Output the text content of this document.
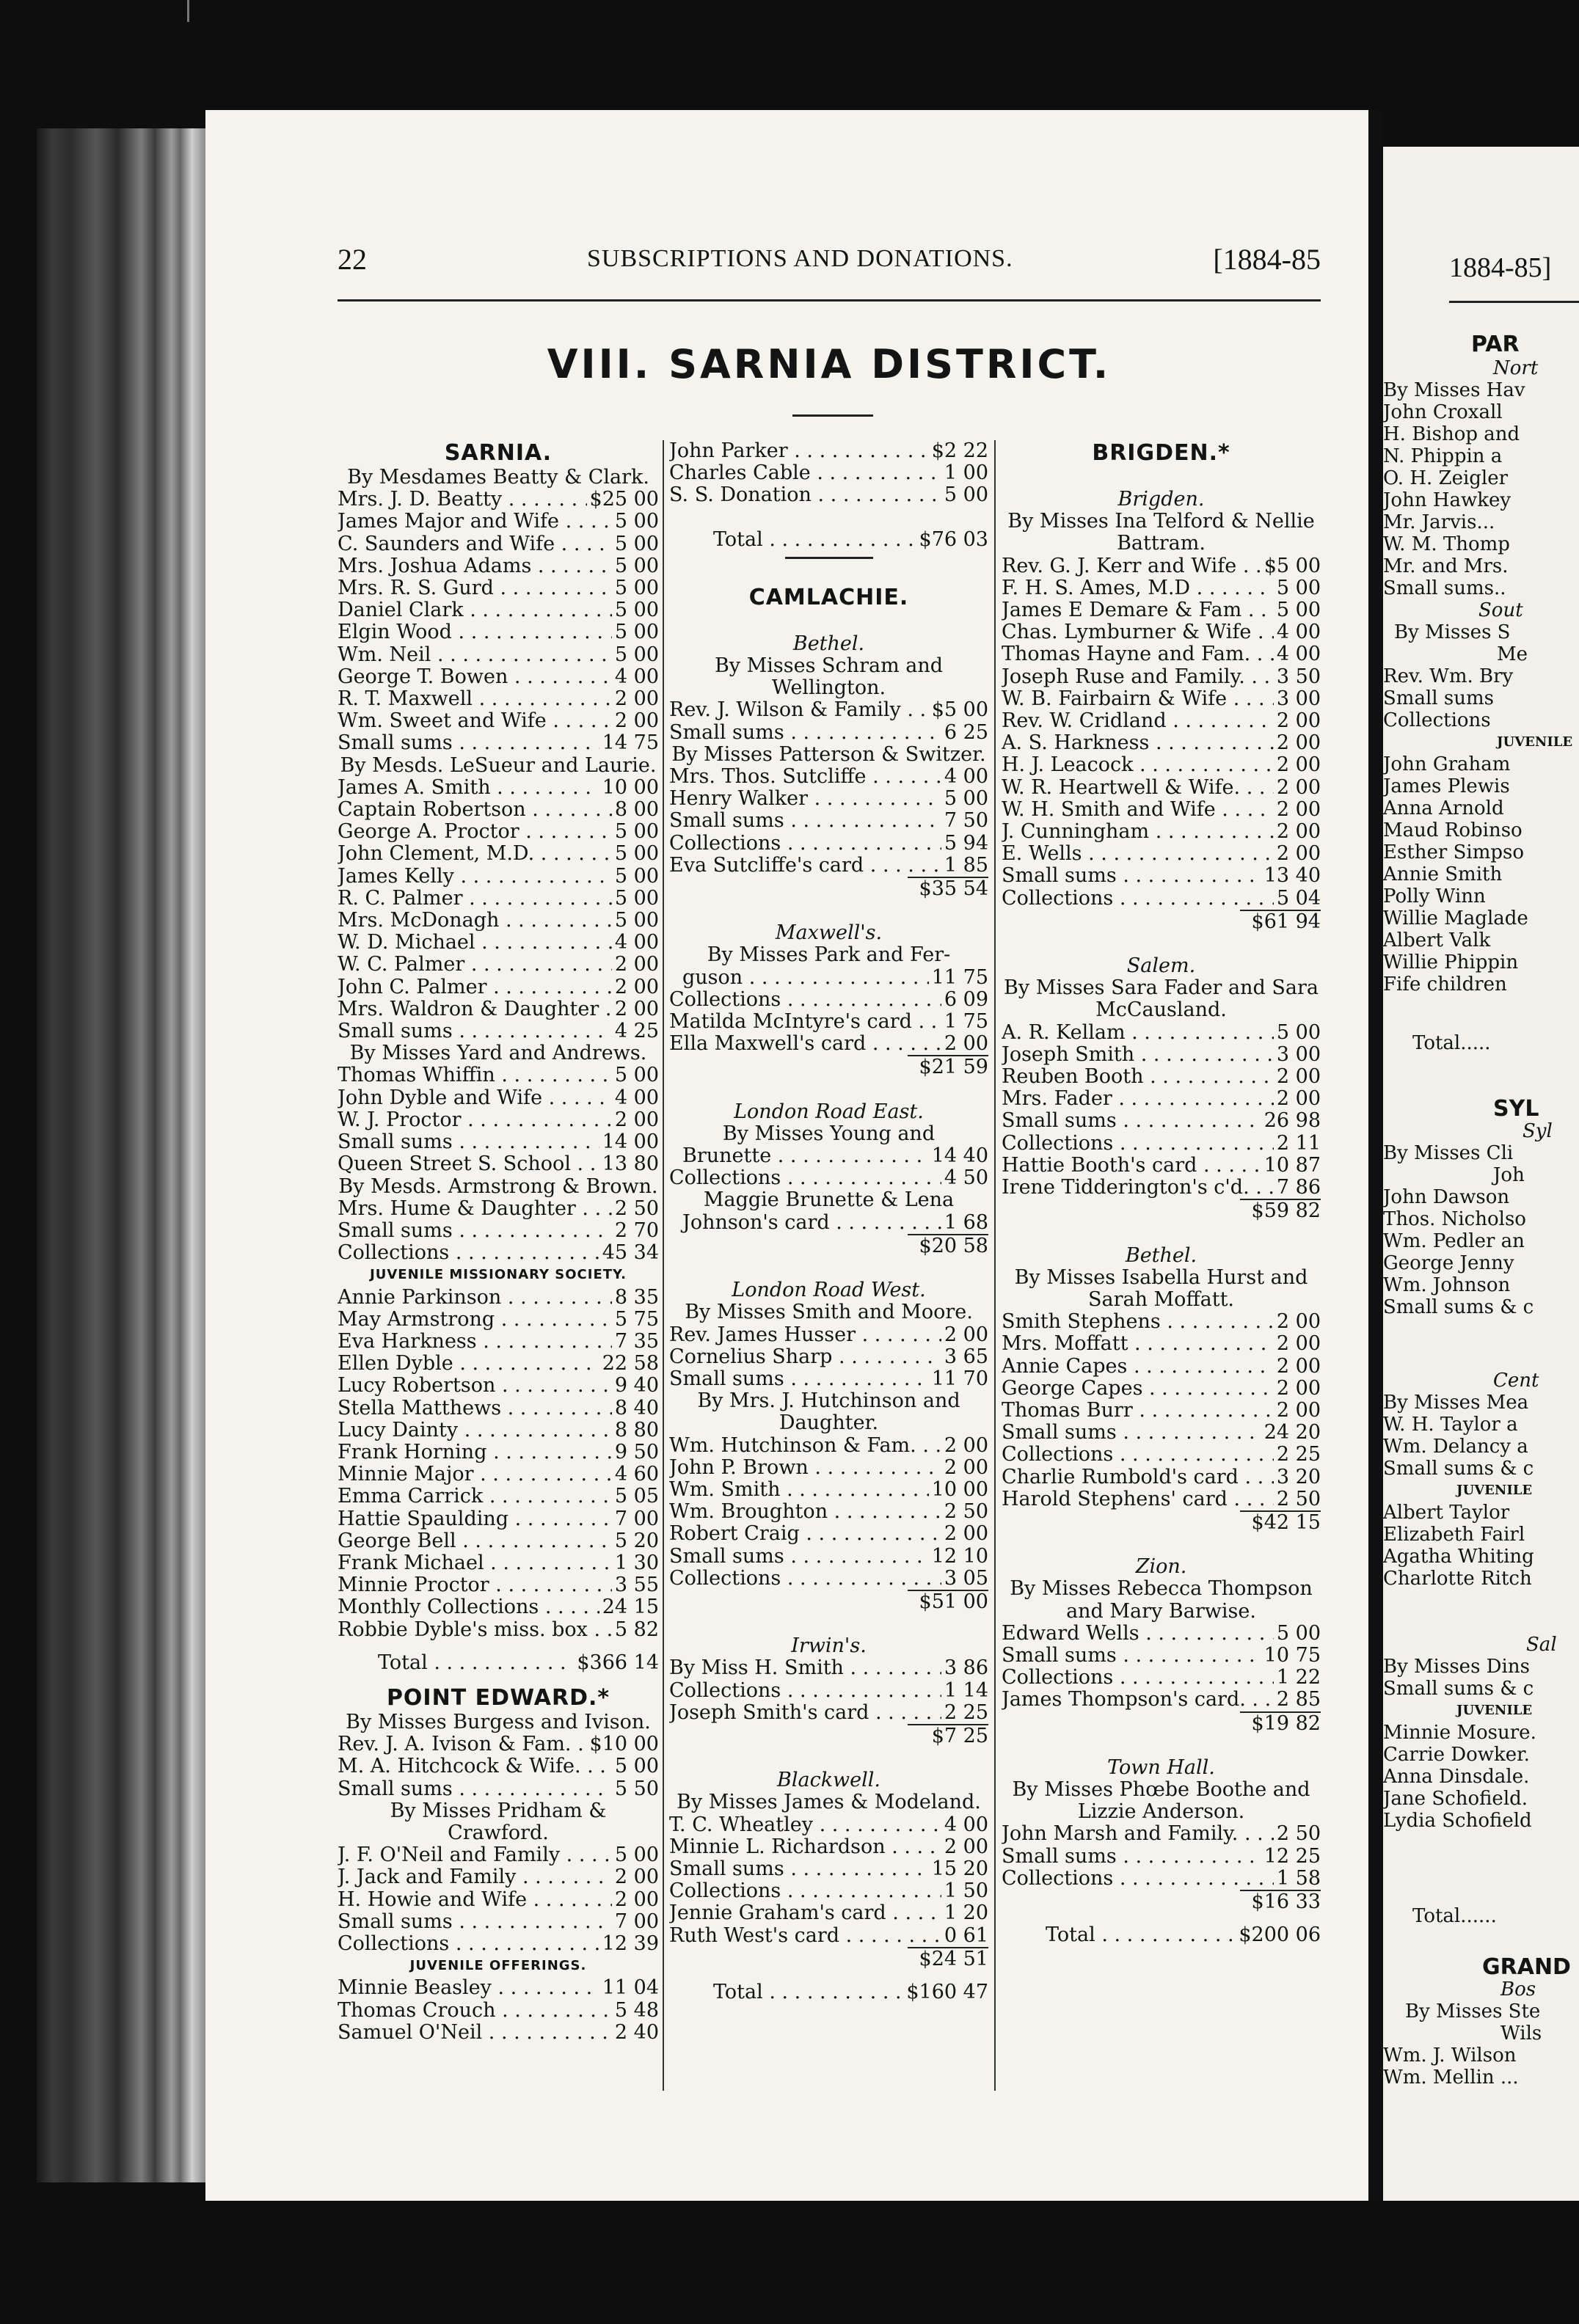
1884-85]
PAR
Nort
By Misses Hav
John Croxall
H. Bishop and
N. Phippin a
O. H. Zeigler
John Hawkey
Mr. Jarvis...
W. M. Thomp
Mr. and Mrs.
Small sums..
Sout
By Misses S
Me
Rev. Wm. Bry
Small sums
Collections
JUVENILE
John Graham
James Plewis
Anna Arnold
Maud Robinso
Esther Simpso
Annie Smith
Polly Winn
Willie Maglade
Albert Valk
Willie Phippin
Fife children
Total.....
SYL
Syl
By Misses Cli
Joh
John Dawson
Thos. Nicholso
Wm. Pedler an
George Jenny
Wm. Johnson
Small sums & c
Cent
By Misses Mea
W. H. Taylor a
Wm. Delancy a
Small sums & c
JUVENILE
Albert Taylor
Elizabeth Fairl
Agatha Whiting
Charlotte Ritch
Sal
By Misses Dins
Small sums & c
JUVENILE
Minnie Mosure.
Carrie Dowker.
Anna Dinsdale.
Jane Schofield.
Lydia Schofield
Total......
GRAND
Bos
By Misses Ste
Wils
Wm. J. Wilson
Wm. Mellin ...
22	SUBSCRIPTIONS AND DONATIONS.	[1884-85
VIII. SARNIA DISTRICT.
SARNIA.
By Mesdames Beatty & Clark.
Mrs. J. D. Beatty . . .	$25 00
James Major and Wife . . .	5 00
C. Saunders and Wife . . .	5 00
Mrs. Joshua Adams . . .	5 00
Mrs. R. S. Gurd . . .	5 00
Daniel Clark . . .	5 00
Elgin Wood . . .	5 00
Wm. Neil . . .	5 00
George T. Bowen . . .	4 00
R. T. Maxwell . . .	2 00
Wm. Sweet and Wife . . .	2 00
Small sums . . .	14 75
By Mesds. LeSueur and Laurie.
James A. Smith . . .	10 00
Captain Robertson . . .	8 00
George A. Proctor . . .	5 00
John Clement, M.D. . . .	5 00
James Kelly . . .	5 00
R. C. Palmer . . .	5 00
Mrs. McDonagh . . .	5 00
W. D. Michael . . .	4 00
W. C. Palmer . . .	2 00
John C. Palmer . . .	2 00
Mrs. Waldron & Daughter . . . 2 00
Small sums . . .	4 25
By Misses Yard and Andrews.
Thomas Whiffin . . .	5 00
John Dyble and Wife . . .	4 00
W. J. Proctor . . .	2 00
Small sums . . .	14 00
Queen Street S. School . . .	13 80
By Mesds. Armstrong & Brown.
Mrs. Hume & Daughter . . .	2 50
Small sums . . .	2 70
Collections . . .	45 34
JUVENILE MISSIONARY SOCIETY.
Annie Parkinson . . .	8 35
May Armstrong . . .	5 75
Eva Harkness . . .	7 35
Ellen Dyble . . .	22 58
Lucy Robertson . . .	9 40
Stella Matthews . . .	8 40
Lucy Dainty . . .	8 80
Frank Horning . . .	9 50
Minnie Major . . .	4 60
Emma Carrick . . .	5 05
Hattie Spaulding . . .	7 00
George Bell . . .	5 20
Frank Michael . . .	1 30
Minnie Proctor . . .	3 55
Monthly Collections . . .	24 15
Robbie Dyble's miss. box . . .	5 82
Total . . .	$366 14
POINT EDWARD.*
By Misses Burgess and Ivison.
Rev. J. A. Ivison & Fam. . . . $10 00
M. A. Hitchcock & Wife. . . .	5 00
Small sums . . .	5 50
By Misses Pridham & Crawford.
J. F. O'Neil and Family . . .	5 00
J. Jack and Family . . .	2 00
H. Howie and Wife . . .	2 00
Small sums . . .	7 00
Collections . . .	12 39
JUVENILE OFFERINGS.
Minnie Beasley . . .	11 04
Thomas Crouch . . .	5 48
Samuel O'Neil . . .	2 40
John Parker . . .	$2 22
Charles Cable . . .	1 00
S. S. Donation . . .	5 00
Total . . .	$76 03
CAMLACHIE.
Bethel.
By Misses Schram and
Wellington.
Rev. J. Wilson & Family . . .	$5 00
Small sums . . .	6 25
By Misses Patterson & Switzer.
Mrs. Thos. Sutcliffe . . .	4 00
Henry Walker . . .	5 00
Small sums . . .	7 50
Collections . . .	5 94
Eva Sutcliffe's card . . .	1 85
$35 54
Maxwell's.
By Misses Park and Fer-
guson . . .	11 75
Collections . . .	6 09
Matilda McIntyre's card . . .	1 75
Ella Maxwell's card . . .	2 00
$21 59
London Road East.
By Misses Young and
Brunette . . .	14 40
Collections . . .	4 50
Maggie Brunette & Lena
Johnson's card . . .	1 68
$20 58
London Road West.
By Misses Smith and Moore.
Rev. James Husser . . .	2 00
Cornelius Sharp . . .	3 65
Small sums . . .	11 70
By Mrs. J. Hutchinson and
Daughter.
Wm. Hutchinson & Fam. . . .	2 00
John P. Brown . . .	2 00
Wm. Smith . . .	10 00
Wm. Broughton . . .	2 50
Robert Craig . . .	2 00
Small sums . . .	12 10
Collections . . .	3 05
$51 00
Irwin's.
By Miss H. Smith . . .	3 86
Collections . . .	1 14
Joseph Smith's card . . .	2 25
$7 25
Blackwell.
By Misses James & Modeland.
T. C. Wheatley . . .	4 00
Minnie L. Richardson . . .	2 00
Small sums . . .	15 20
Collections . . .	1 50
Jennie Graham's card . . .	1 20
Ruth West's card . . .	0 61
$24 51
Total . . .	$160 47
BRIGDEN.*
Brigden.
By Misses Ina Telford & Nellie
Battram.
Rev. G. J. Kerr and Wife . . .	$5 00
F. H. S. Ames, M.D . . .	5 00
James E Demare & Fam . . .	5 00
Chas. Lymburner & Wife . . .	4 00
Thomas Hayne and Fam. . . .	4 00
Joseph Ruse and Family. . . .	3 50
W. B. Fairbairn & Wife . . .	3 00
Rev. W. Cridland . . .	2 00
A. S. Harkness . . .	2 00
H. J. Leacock . . .	2 00
W. R. Heartwell & Wife. . . .	2 00
W. H. Smith and Wife . . .	2 00
J. Cunningham . . .	2 00
E. Wells . . .	2 00
Small sums . . .	13 40
Collections . . .	5 04
$61 94
Salem.
By Misses Sara Fader and Sara
McCausland.
A. R. Kellam . . .	5 00
Joseph Smith . . .	3 00
Reuben Booth . . .	2 00
Mrs. Fader . . .	2 00
Small sums . . .	26 98
Collections . . .	2 11
Hattie Booth's card . . .	10 87
Irene Tidderington's c'd. . . .	7 86
$59 82
Bethel.
By Misses Isabella Hurst and
Sarah Moffatt.
Smith Stephens . . .	2 00
Mrs. Moffatt . . .	2 00
Annie Capes . . .	2 00
George Capes . . .	2 00
Thomas Burr . . .	2 00
Small sums . . .	24 20
Collections . . .	2 25
Charlie Rumbold's card . . .	3 20
Harold Stephens' card . . .	2 50
$42 15
Zion.
By Misses Rebecca Thompson
and Mary Barwise.
Edward Wells . . .	5 00
Small sums . . .	10 75
Collections . . .	1 22
James Thompson's card. . . .	2 85
$19 82
Town Hall.
By Misses Phœbe Boothe and
Lizzie Anderson.
John Marsh and Family. . . .	2 50
Small sums . . .	12 25
Collections . . .	1 58
$16 33
Total . . .	$200 06
